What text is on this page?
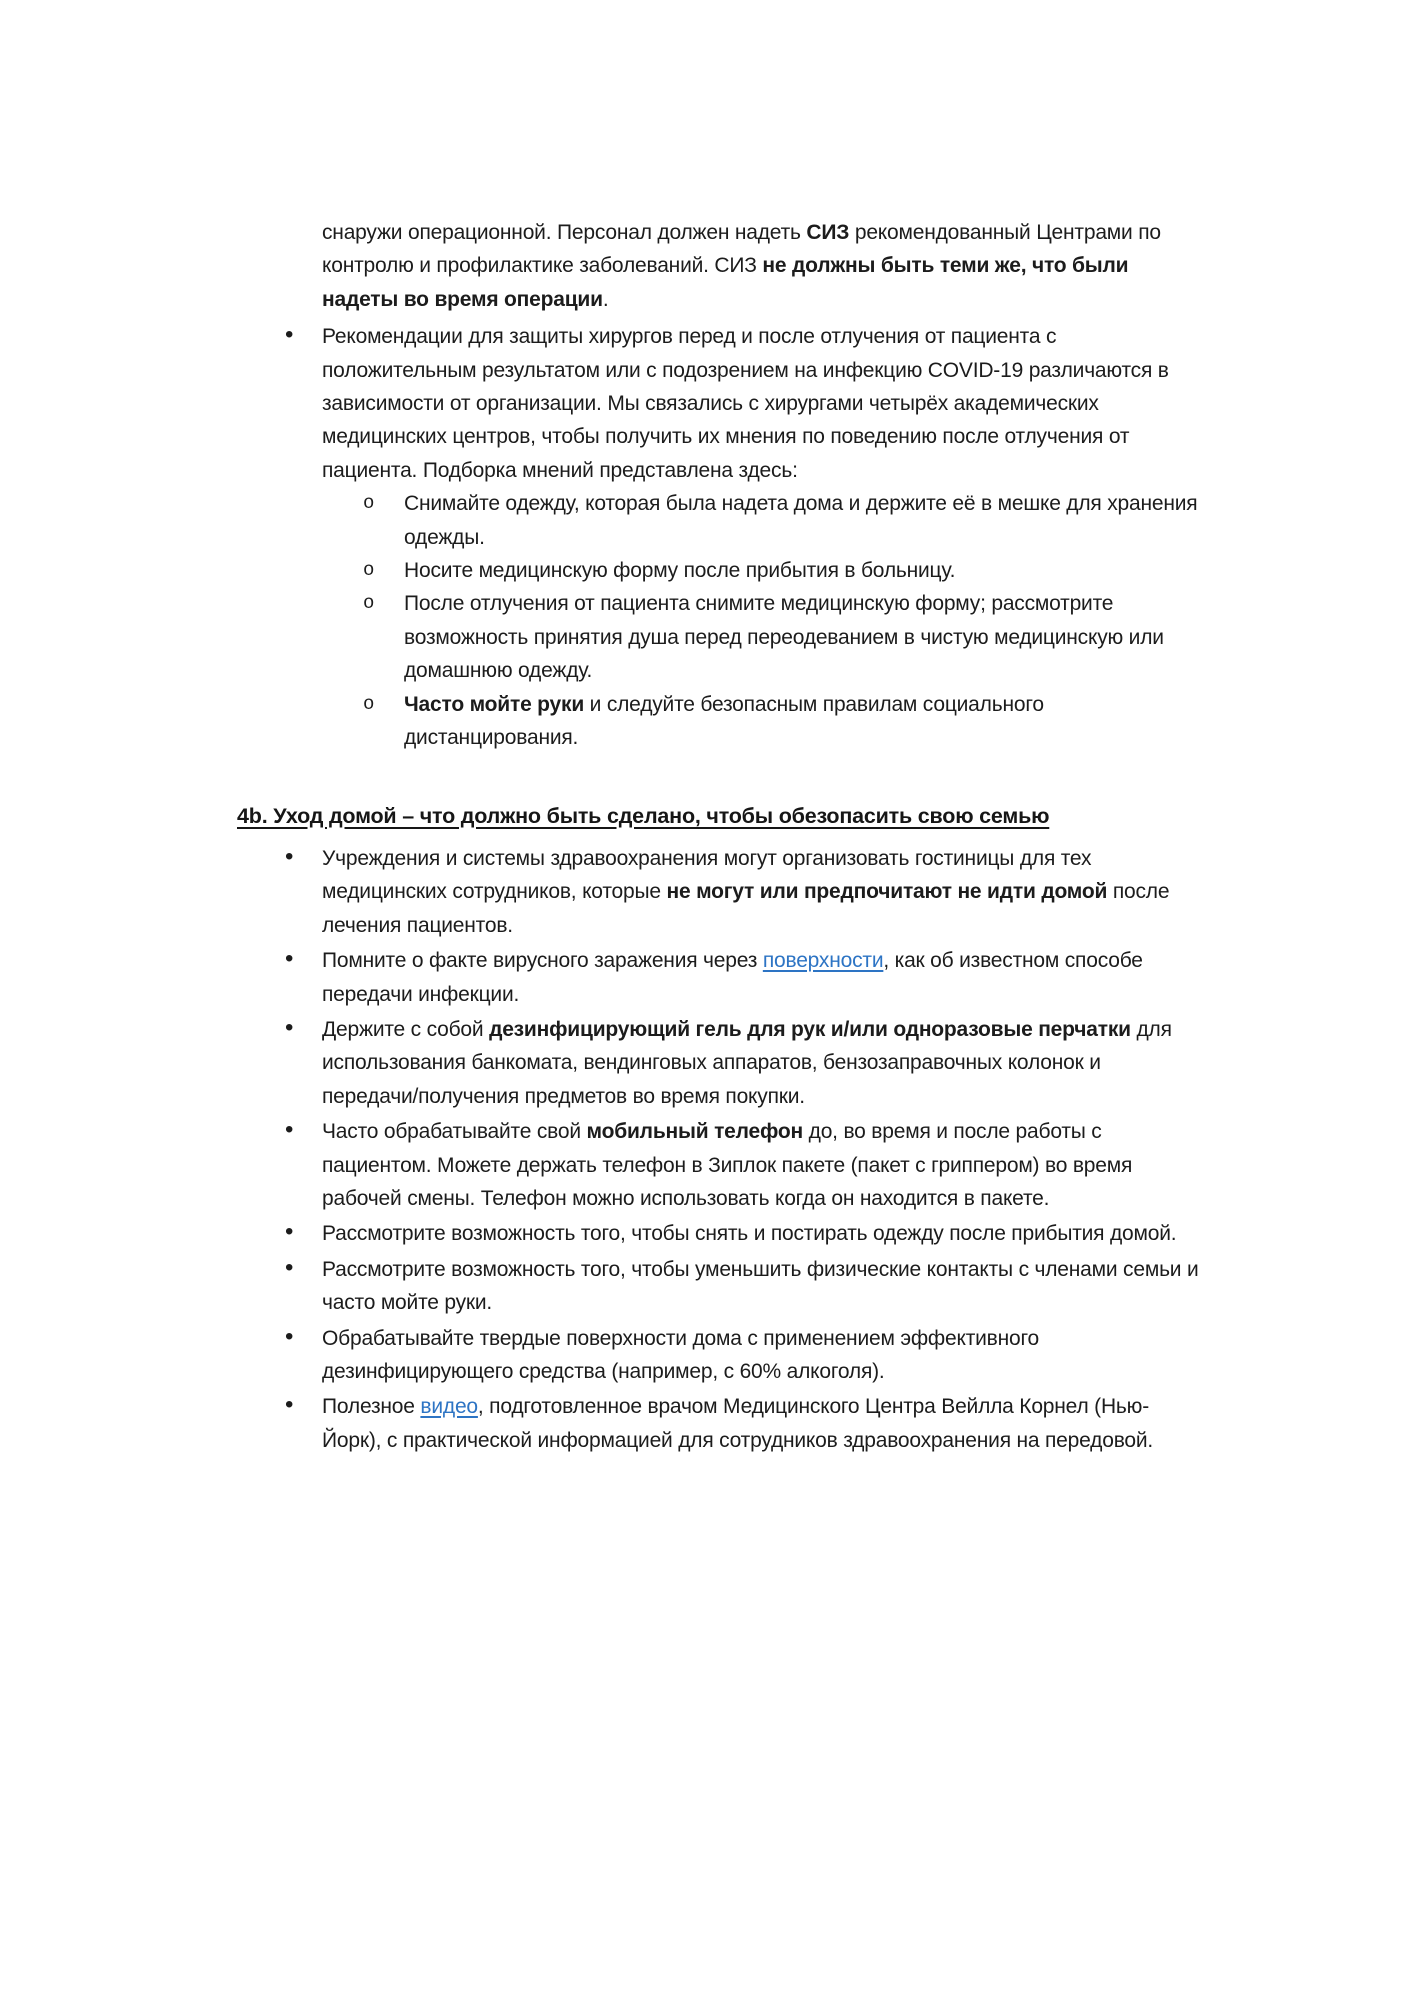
снаружи операционной. Персонал должен надеть СИЗ рекомендованный Центрами по контролю и профилактике заболеваний. СИЗ не должны быть теми же, что были надеты во время операции.

• Рекомендации для защиты хирургов перед и после отлучения от пациента с положительным результатом или с подозрением на инфекцию COVID-19 различаются в зависимости от организации. Мы связались с хирургами четырёх академических медицинских центров, чтобы получить их мнения по поведению после отлучения от пациента. Подборка мнений представлена здесь:
o Снимайте одежду, которая была надета дома и держите её в мешке для хранения одежды.
o Носите медицинскую форму после прибытия в больницу.
o После отлучения от пациента снимите медицинскую форму; рассмотрите возможность принятия душа перед переодеванием в чистую медицинскую или домашнюю одежду.
o Часто мойте руки и следуйте безопасным правилам социального дистанцирования.
4b. Уход домой – что должно быть сделано, чтобы обезопасить свою семью
• Учреждения и системы здравоохранения могут организовать гостиницы для тех медицинских сотрудников, которые не могут или предпочитают не идти домой после лечения пациентов.
• Помните о факте вирусного заражения через поверхности, как об известном способе передачи инфекции.
• Держите с собой дезинфицирующий гель для рук и/или одноразовые перчатки для использования банкомата, вендинговых аппаратов, бензозаправочных колонок и передачи/получения предметов во время покупки.
• Часто обрабатывайте свой мобильный телефон до, во время и после работы с пациентом. Можете держать телефон в Зиплок пакете (пакет с гриппером) во время рабочей смены. Телефон можно использовать когда он находится в пакете.
• Рассмотрите возможность того, чтобы снять и постирать одежду после прибытия домой.
• Рассмотрите возможность того, чтобы уменьшить физические контакты с членами семьи и часто мойте руки.
• Обрабатывайте твердые поверхности дома с применением эффективного дезинфицирующего средства (например, с 60% алкоголя).
• Полезное видео, подготовленное врачом Медицинского Центра Вейлла Корнел (Нью-Йорк), с практической информацией для сотрудников здравоохранения на передовой.
